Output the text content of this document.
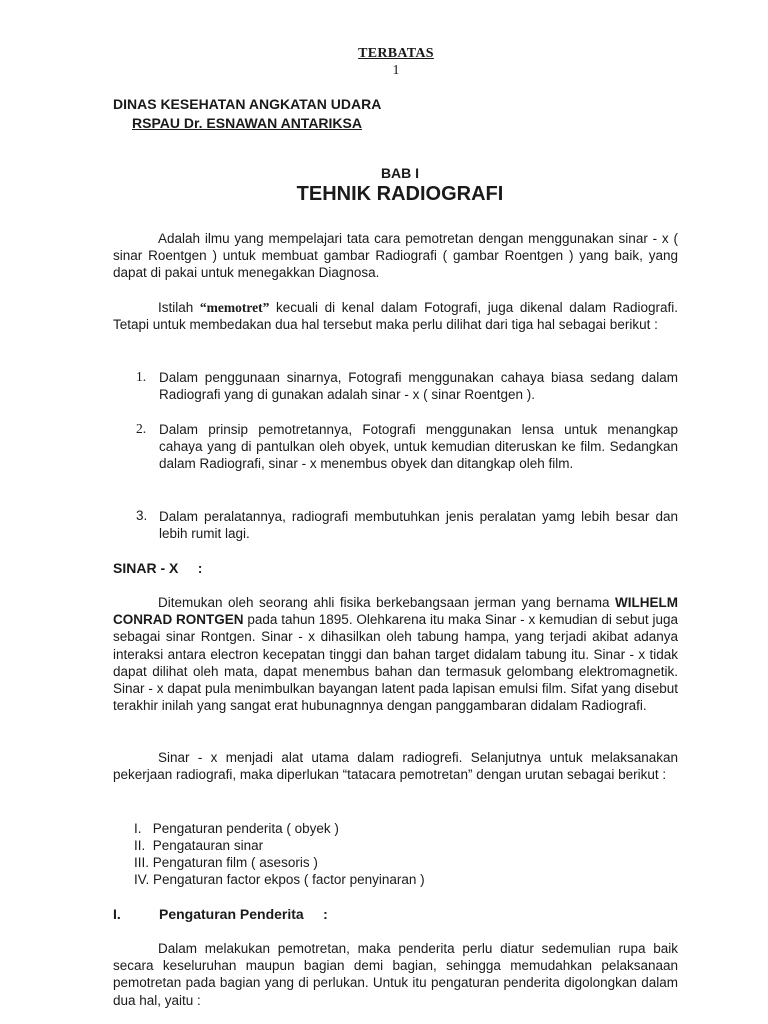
TERBATAS
1
DINAS KESEHATAN ANGKATAN UDARA
RSPAU Dr. ESNAWAN ANTARIKSA
BAB I
TEHNIK RADIOGRAFI
Adalah ilmu yang mempelajari tata cara pemotretan dengan menggunakan sinar - x ( sinar Roentgen ) untuk membuat gambar Radiografi ( gambar Roentgen ) yang baik, yang dapat di pakai untuk menegakkan Diagnosa.
Istilah “memotret” kecuali di kenal dalam Fotografi, juga dikenal dalam Radiografi. Tetapi untuk membedakan dua hal tersebut maka perlu dilihat dari tiga hal sebagai berikut :
1. Dalam penggunaan sinarnya, Fotografi menggunakan cahaya biasa sedang dalam Radiografi yang di gunakan adalah sinar - x ( sinar Roentgen ).
2. Dalam prinsip pemotretannya, Fotografi menggunakan lensa untuk menangkap cahaya yang di pantulkan oleh obyek, untuk kemudian diteruskan ke film. Sedangkan dalam Radiografi, sinar - x menembus obyek dan ditangkap oleh film.
3. Dalam peralatannya, radiografi membutuhkan jenis peralatan yamg lebih besar dan lebih rumit lagi.
SINAR - X     :
Ditemukan oleh seorang ahli fisika berkebangsaan jerman yang bernama WILHELM CONRAD RONTGEN pada tahun 1895. Olehkarena itu maka Sinar - x kemudian di sebut juga sebagai sinar Rontgen. Sinar - x dihasilkan oleh tabung hampa, yang terjadi akibat adanya interaksi antara electron kecepatan tinggi dan bahan target didalam tabung itu. Sinar - x tidak dapat dilihat oleh mata, dapat menembus bahan dan termasuk gelombang elektromagnetik. Sinar - x dapat pula menimbulkan bayangan latent pada lapisan emulsi film. Sifat yang disebut terakhir inilah yang sangat erat hubunagnnya dengan panggambaran didalam Radiografi.
Sinar - x menjadi alat utama dalam radiogrefi. Selanjutnya untuk melaksanakan pekerjaan radiografi, maka diperlukan “tatacara pemotretan” dengan urutan sebagai berikut :
I.   Pengaturan penderita ( obyek )
II.  Pengatauran sinar
III. Pengaturan film ( asesoris )
IV. Pengaturan factor ekpos ( factor penyinaran )
I.	Pengaturan Penderita     :
Dalam melakukan pemotretan, maka penderita perlu diatur sedemulian rupa baik secara keseluruhan maupun bagian demi bagian, sehingga memudahkan pelaksanaan pemotretan pada bagian yang di perlukan. Untuk itu pengaturan penderita digolongkan dalam dua hal, yaitu :
